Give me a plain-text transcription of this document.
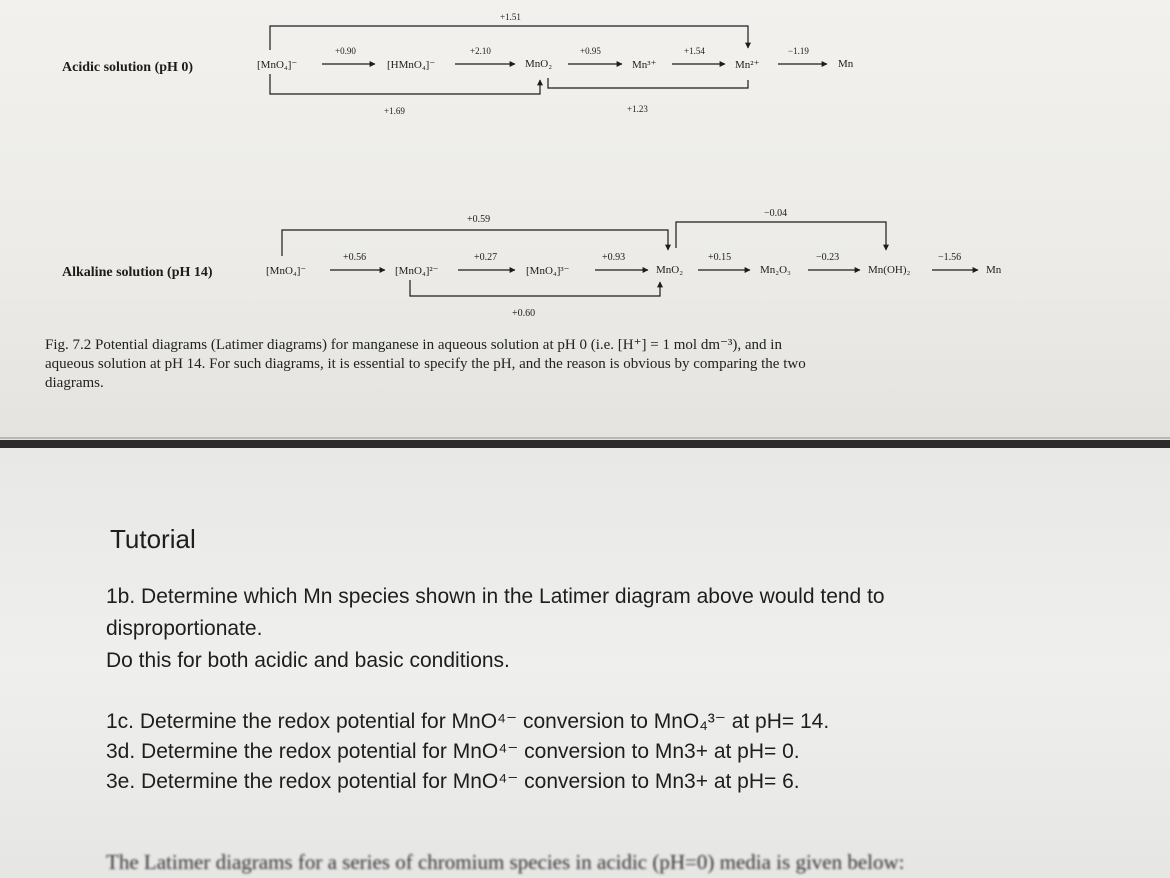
Acidic solution (pH 0)	[MnO₄]⁻	[HMnO₄]⁻	MnO₂	Mn³⁺	Mn²⁺	Mn
+0.90	+2.10	+0.95	+1.54	−1.19
+1.51
+1.69	+1.23
Alkaline solution (pH 14)	[MnO₄]⁻	[MnO₄]²⁻	[MnO₄]³⁻	MnO₂	Mn₂O₃	Mn(OH)₂	Mn
+0.56	+0.27	+0.93	+0.15	−0.23	−1.56
+0.59
−0.04
+0.60
Fig. 7.2 Potential diagrams (Latimer diagrams) for manganese in aqueous solution at pH 0 (i.e. [H⁺] = 1 mol dm⁻³), and in
aqueous solution at pH 14. For such diagrams, it is essential to specify the pH, and the reason is obvious by comparing the two
diagrams.
Tutorial
1b. Determine which Mn species shown in the Latimer diagram above would tend to
disproportionate.
Do this for both acidic and basic conditions.
1c. Determine the redox potential for MnO⁴⁻ conversion to MnO₄³⁻ at pH= 14.
3d. Determine the redox potential for MnO⁴⁻ conversion to Mn3+ at pH= 0.
3e. Determine the redox potential for MnO⁴⁻ conversion to Mn3+ at pH= 6.
The Latimer diagrams for a series of chromium species in acidic (pH=0) media is given below:
